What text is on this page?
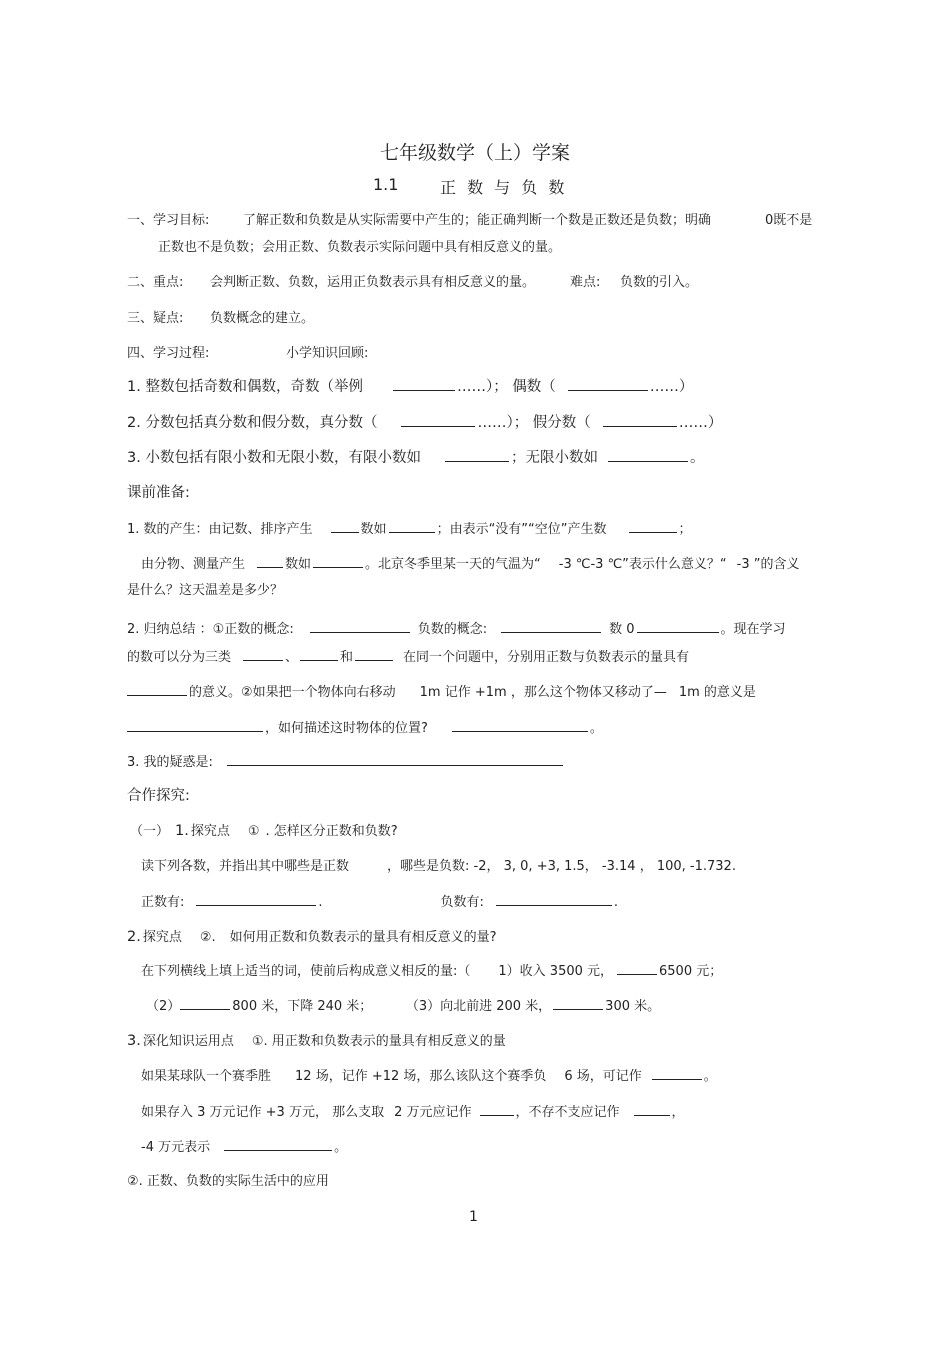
七年级数学（上）学案
1.1	正 数 与 负 数
一、学习目标:	了解正数和负数是从实际需要中产生的；能正确判断一个数是正数还是负数；明确	0既不是
正数也不是负数；会用正数、负数表示实际问题中具有相反意义的量。
二、重点: 会判断正数、负数，运用正负数表示具有相反意义的量。	难点: 负数的引入。
三、疑点: 负数概念的建立。
四、学习过程:	小学知识回顾:
1. 整数包括奇数和偶数，奇数（举例	……）； 偶数（	……）
2. 分数包括真分数和假分数，真分数（	……）； 假分数（	……）
3. 小数包括有限小数和无限小数，有限小数如	；无限小数如	。
课前准备:
1. 数的产生：由记数、排序产生	数如	；由表示“没有”“空位”产生数	；
由分物、测量产生	数如	。北京冬季里某一天的气温为“ -3 ℃-3 ℃”表示什么意义？“ -3 ”的含义
是什么？这天温差是多少？
2. 归纳总结 ：①正数的概念:	负数的概念:	数 0	。现在学习
的数可以分为三类	、	和	在同一个问题中，分别用正数与负数表示的量具有
的意义。②如果把一个物体向右移动 1m 记作 +1m ，那么这个物体又移动了— 1m 的意义是
，如何描述这时物体的位置?	。
3. 我的疑惑是:
合作探究:
（一） 1. 探究点 ① . 怎样区分正数和负数?
读下列各数，并指出其中哪些是正数	，哪些是负数: -2， 3, 0, +3, 1.5， -3.14 ， 100, -1.732.
正数有:	.	负数有:	.
2. 探究点 ②. 如何用正数和负数表示的量具有相反意义的量?
在下列横线上填上适当的词，使前后构成意义相反的量:（ 1）收入 3500 元，	6500 元；
（2）	800 米，下降 240 米；	（3）向北前进 200 米，	300 米。
3. 深化知识运用点 ①. 用正数和负数表示的量具有相反意义的量
如果某球队一个赛季胜 12 场，记作 +12 场，那么该队这个赛季负 6 场，可记作	。
如果存入 3 万元记作 +3 万元， 那么支取 2 万元应记作	，不存不支应记作	，
-4 万元表示	。
②. 正数、负数的实际生活中的应用
1
